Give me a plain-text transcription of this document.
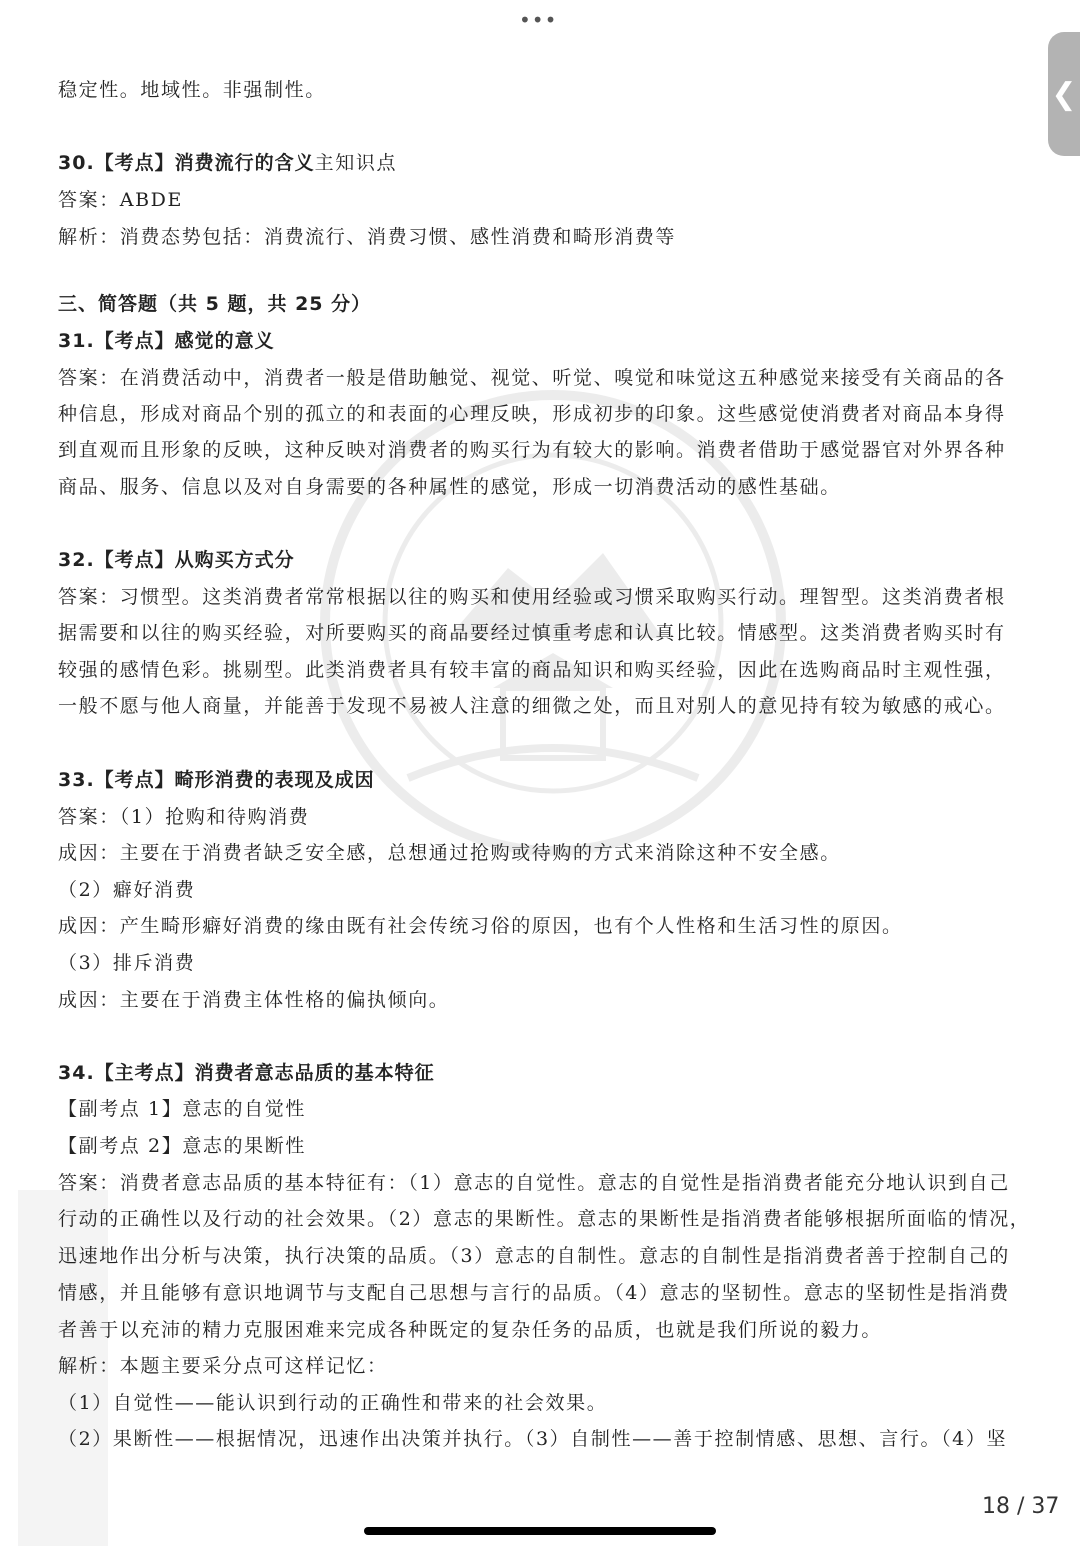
•••
❮
稳定性。地域性。非强制性。
30.【考点】消费流行的含义主知识点
答案：ABDE
解析：消费态势包括：消费流行、消费习惯、感性消费和畸形消费等
三、简答题（共 5 题，共 25 分）
31.【考点】感觉的意义
答案：在消费活动中，消费者一般是借助触觉、视觉、听觉、嗅觉和味觉这五种感觉来接受有关商品的各
种信息，形成对商品个别的孤立的和表面的心理反映，形成初步的印象。这些感觉使消费者对商品本身得
到直观而且形象的反映，这种反映对消费者的购买行为有较大的影响。消费者借助于感觉器官对外界各种
商品、服务、信息以及对自身需要的各种属性的感觉，形成一切消费活动的感性基础。
32.【考点】从购买方式分
答案：习惯型。这类消费者常常根据以往的购买和使用经验或习惯采取购买行动。理智型。这类消费者根
据需要和以往的购买经验，对所要购买的商品要经过慎重考虑和认真比较。情感型。这类消费者购买时有
较强的感情色彩。挑剔型。此类消费者具有较丰富的商品知识和购买经验，因此在选购商品时主观性强，
一般不愿与他人商量，并能善于发现不易被人注意的细微之处，而且对别人的意见持有较为敏感的戒心。
33.【考点】畸形消费的表现及成因
答案：（1）抢购和待购消费
成因：主要在于消费者缺乏安全感，总想通过抢购或待购的方式来消除这种不安全感。
（2）癖好消费
成因：产生畸形癖好消费的缘由既有社会传统习俗的原因，也有个人性格和生活习性的原因。
（3）排斥消费
成因：主要在于消费主体性格的偏执倾向。
34.【主考点】消费者意志品质的基本特征
【副考点 1】意志的自觉性
【副考点 2】意志的果断性
答案：消费者意志品质的基本特征有：（1）意志的自觉性。意志的自觉性是指消费者能充分地认识到自己
行动的正确性以及行动的社会效果。（2）意志的果断性。意志的果断性是指消费者能够根据所面临的情况，
迅速地作出分析与决策，执行决策的品质。（3）意志的自制性。意志的自制性是指消费者善于控制自己的
情感，并且能够有意识地调节与支配自己思想与言行的品质。（4）意志的坚韧性。意志的坚韧性是指消费
者善于以充沛的精力克服困难来完成各种既定的复杂任务的品质，也就是我们所说的毅力。
解析：本题主要采分点可这样记忆：
（1）自觉性——能认识到行动的正确性和带来的社会效果。
（2）果断性——根据情况，迅速作出决策并执行。（3）自制性——善于控制情感、思想、言行。（4）坚
18 / 37
